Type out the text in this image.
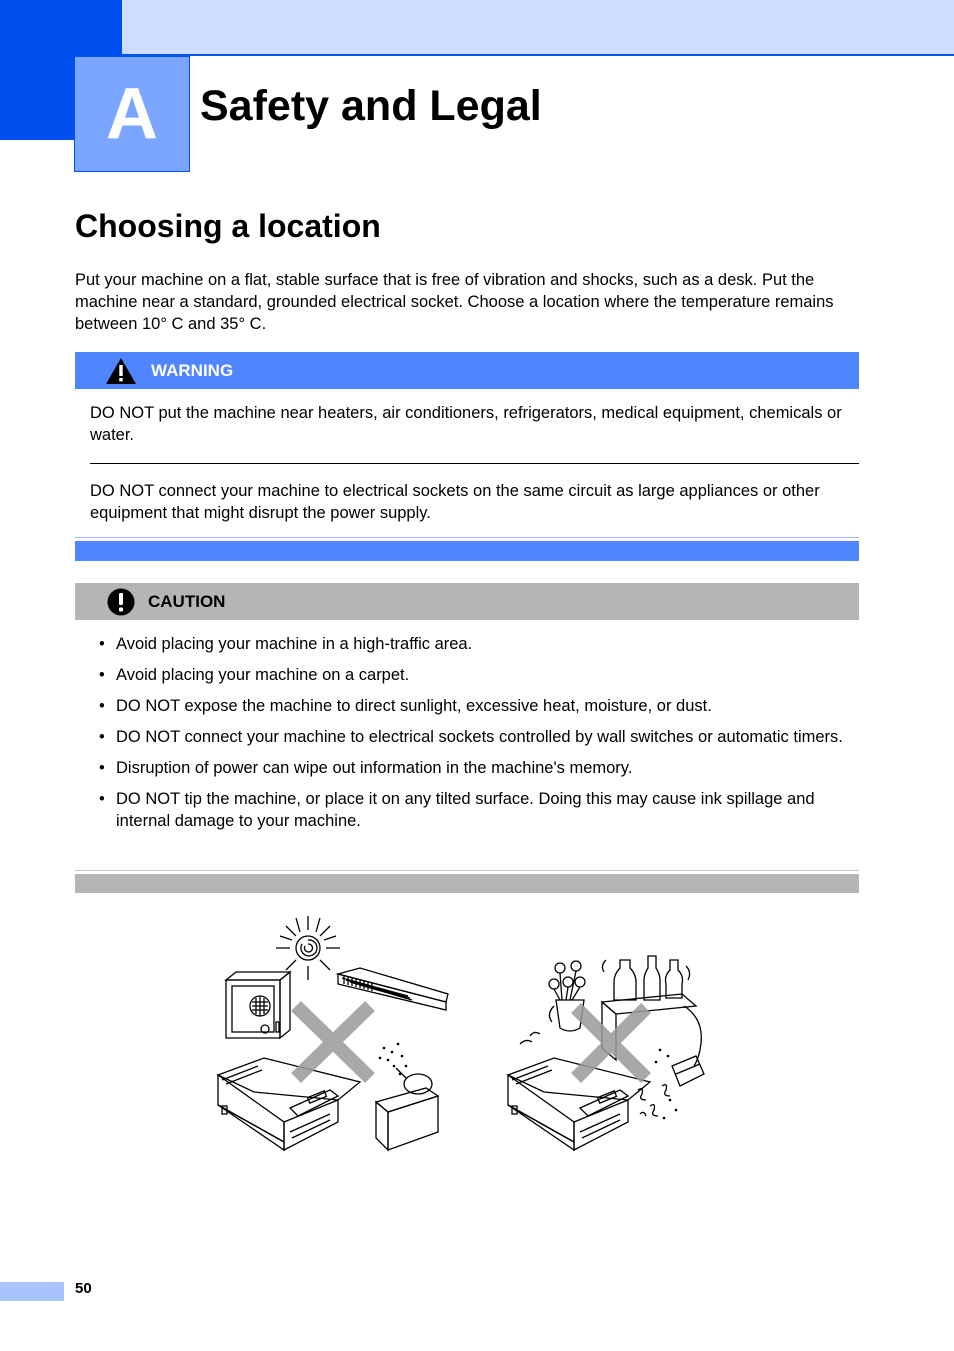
A Safety and Legal
Choosing a location
Put your machine on a flat, stable surface that is free of vibration and shocks, such as a desk. Put the machine near a standard, grounded electrical socket. Choose a location where the temperature remains between 10° C and 35° C.
WARNING
DO NOT put the machine near heaters, air conditioners, refrigerators, medical equipment, chemicals or water.
DO NOT connect your machine to electrical sockets on the same circuit as large appliances or other equipment that might disrupt the power supply.
CAUTION
• Avoid placing your machine in a high-traffic area.
• Avoid placing your machine on a carpet.
• DO NOT expose the machine to direct sunlight, excessive heat, moisture, or dust.
• DO NOT connect your machine to electrical sockets controlled by wall switches or automatic timers.
• Disruption of power can wipe out information in the machine's memory.
• DO NOT tip the machine, or place it on any tilted surface. Doing this may cause ink spillage and internal damage to your machine.
50
